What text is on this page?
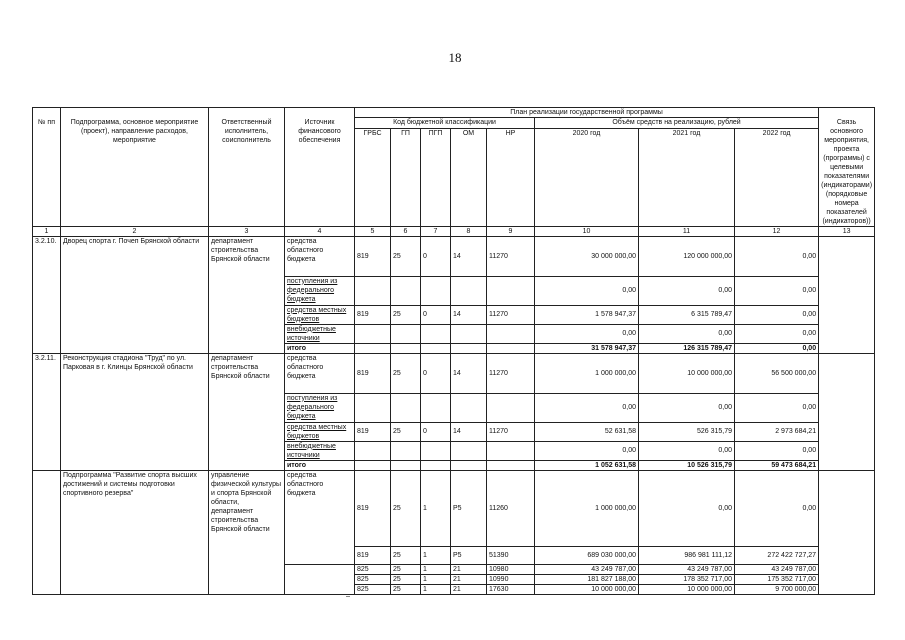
18
				План реализации государственной программы								
№ пп	Подпрограмма, основное мероприятие (проект), направление расходов, мероприятие	Ответственный исполнитель, соисполнитель	Источник финансового обеспечения	Код бюджетной классификации					Объём средств на реализацию, рублей			Связь основного мероприятия, проекта (программы) с целевыми показателями (индикаторами) (порядковые номера показателей (индикаторов))
				ГРБС	ГП	ПГП	ОМ	НР	2020 год	2021 год	2022 год	
1	2	3	4	5	6	7	8	9	10	11	12	13
3.2.10.	Дворец спорта г. Почеп Брянской области	департамент строительства Брянской области	средства областного бюджета	819	25	0	14	11270	30 000 000,00	120 000 000,00	0,00	
			поступления из федерального бюджета						0,00	0,00	0,00	
			средства местных бюджетов	819	25	0	14	11270	1 578 947,37	6 315 789,47	0,00	
			внебюджетные источники						0,00	0,00	0,00	
			итого						31 578 947,37	126 315 789,47	0,00	
3.2.11.	Реконструкция стадиона "Труд" по ул. Парковая в г. Клинцы Брянской области	департамент строительства Брянской области	средства областного бюджета	819	25	0	14	11270	1 000 000,00	10 000 000,00	56 500 000,00	
			поступления из федерального бюджета						0,00	0,00	0,00	
			средства местных бюджетов	819	25	0	14	11270	52 631,58	526 315,79	2 973 684,21	
			внебюджетные источники						0,00	0,00	0,00	
			итого						1 052 631,58	10 526 315,79	59 473 684,21	
	Подпрограмма "Развитие спорта высших достижений и системы подготовки спортивного резерва"	управление физической культуры и спорта Брянской области, департамент строительства Брянской области	средства областного бюджета	819	25	1	P5	11260	1 000 000,00	0,00	0,00	
				819	25	1	P5	51390	689 030 000,00	986 981 111,12	272 422 727,27	
				825	25	1	21	10980	43 249 787,00	43 249 787,00	43 249 787,00	
				825	25	1	21	10990	181 827 188,00	178 352 717,00	175 352 717,00	
				825	25	1	21	17630	10 000 000,00	10 000 000,00	9 700 000,00	
